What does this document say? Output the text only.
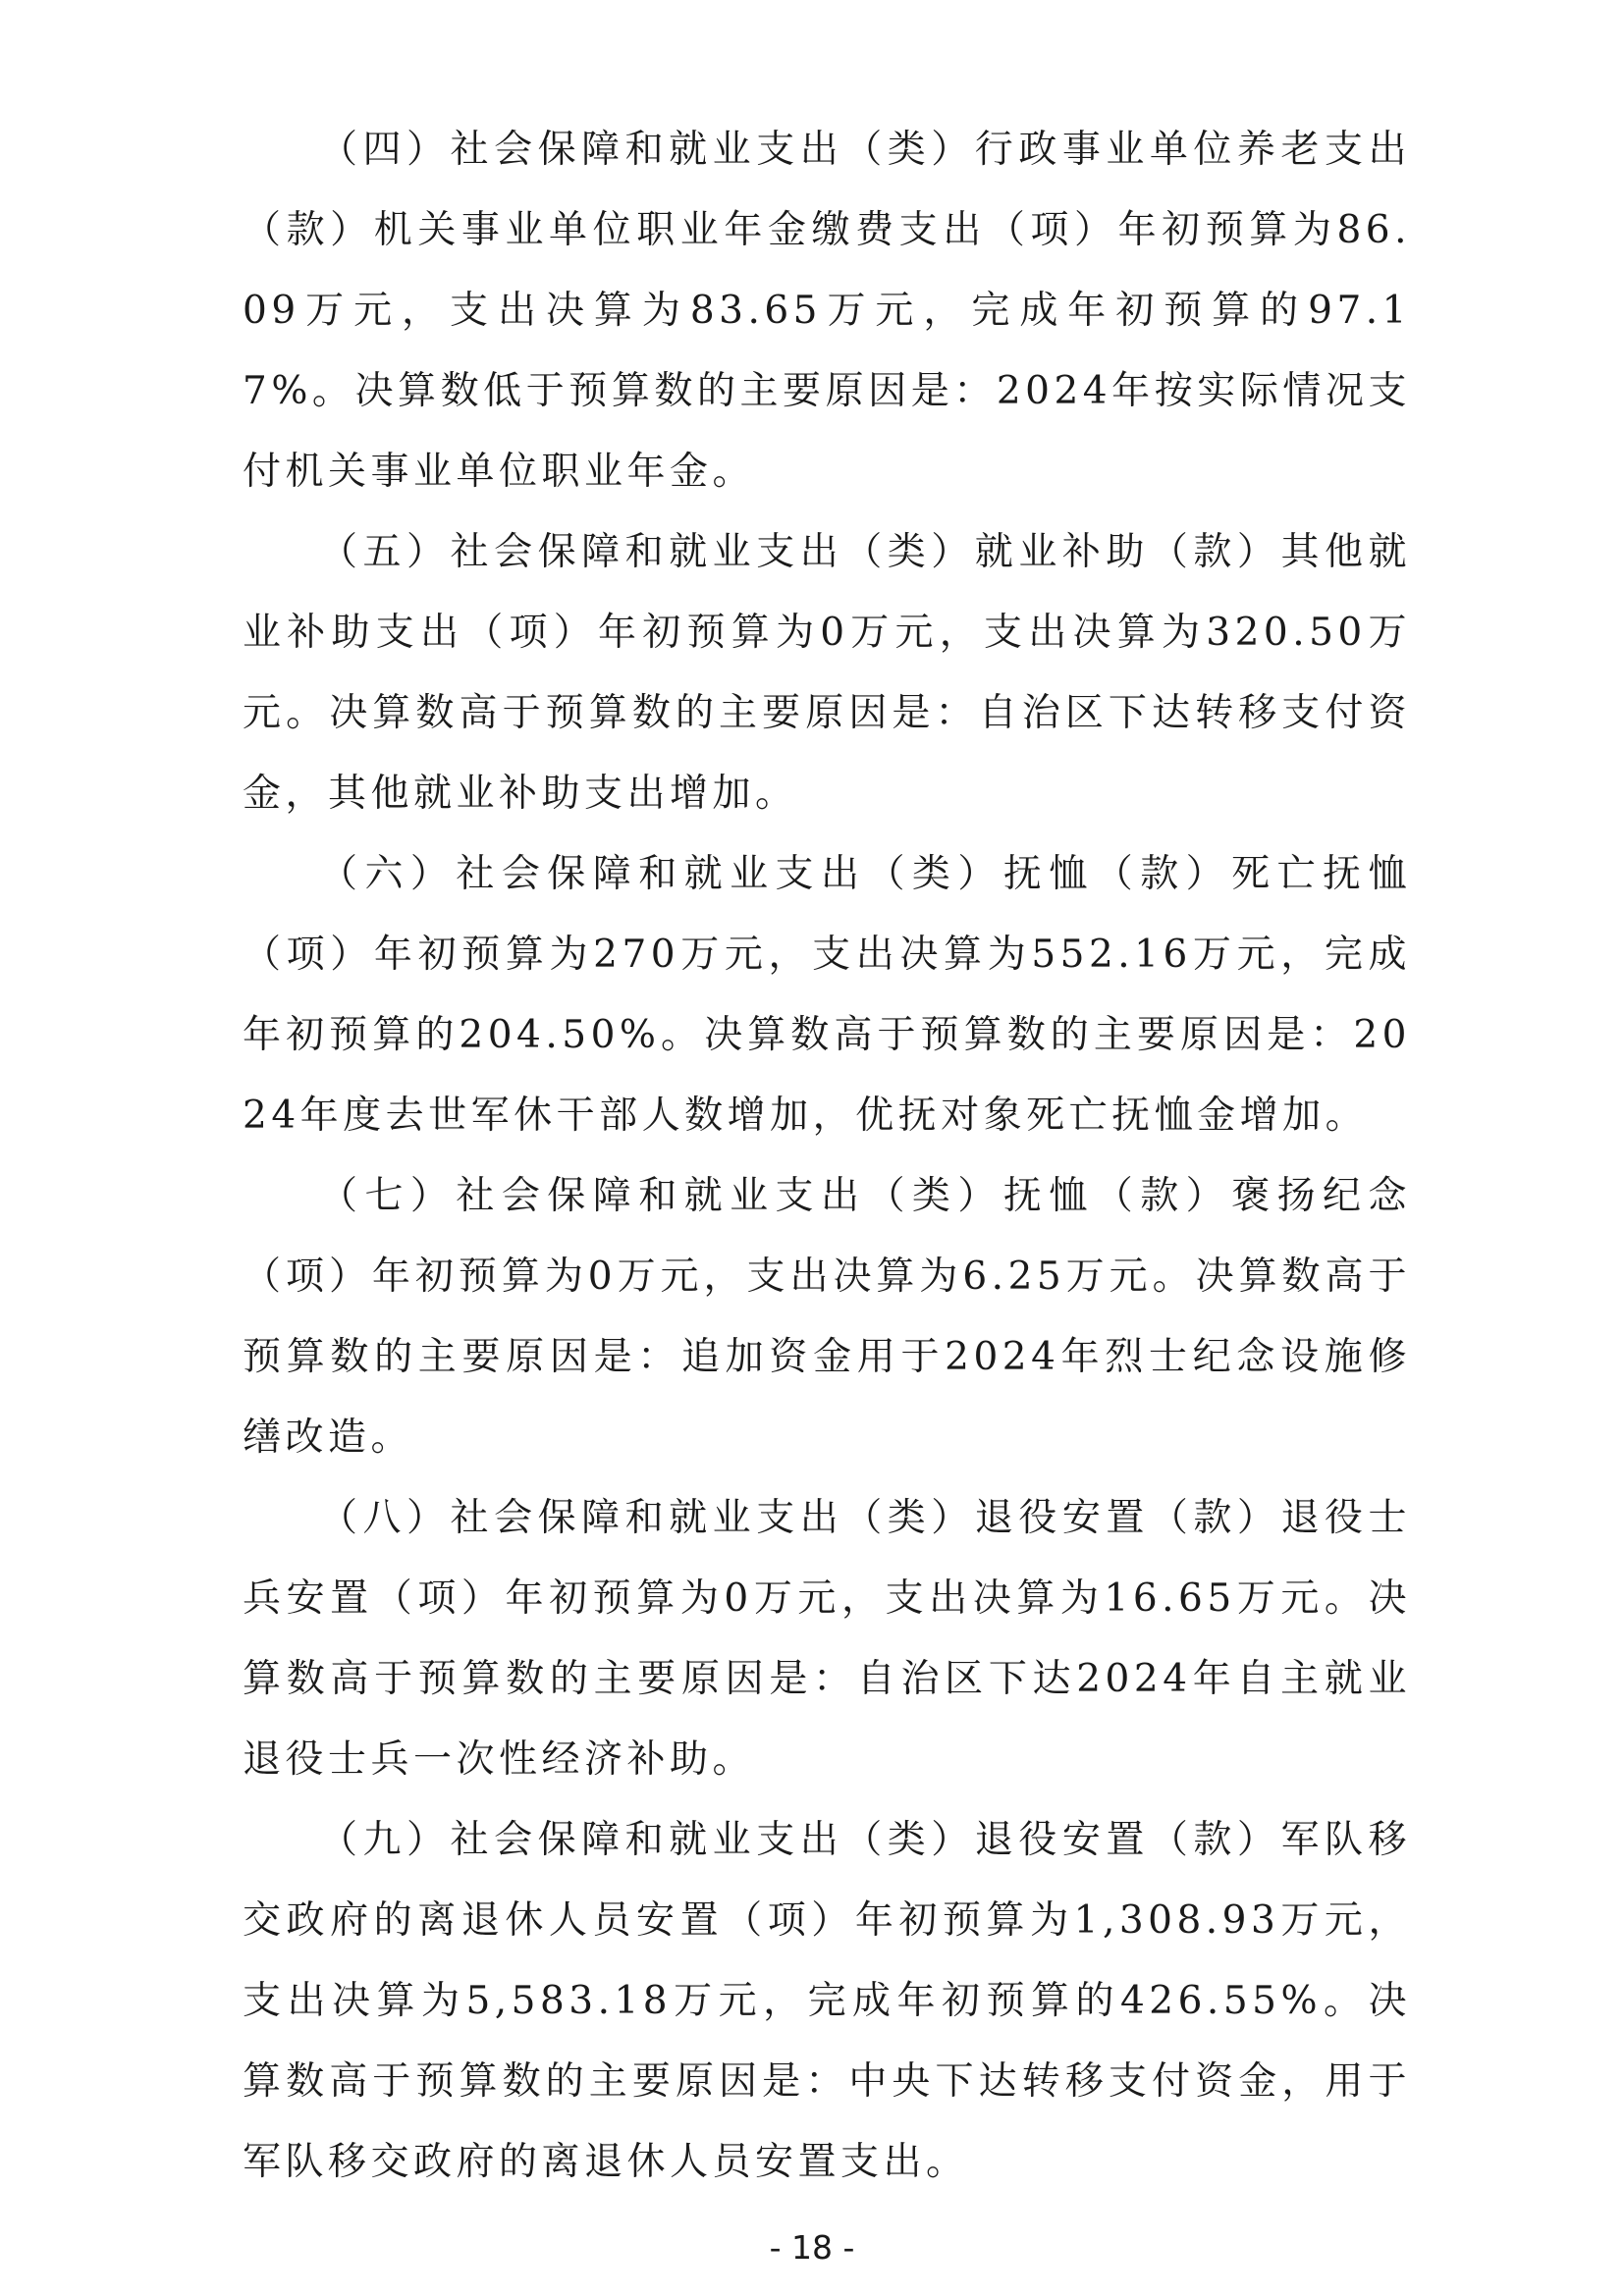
（四）社会保障和就业支出（类）行政事业单位养老支出（款）机关事业单位职业年金缴费支出（项）年初预算为86.09万元，支出决算为83.65万元，完成年初预算的97.17%。决算数低于预算数的主要原因是：2024年按实际情况支付机关事业单位职业年金。

（五）社会保障和就业支出（类）就业补助（款）其他就业补助支出（项）年初预算为0万元，支出决算为320.50万元。决算数高于预算数的主要原因是：自治区下达转移支付资金，其他就业补助支出增加。

（六）社会保障和就业支出（类）抚恤（款）死亡抚恤（项）年初预算为270万元，支出决算为552.16万元，完成年初预算的204.50%。决算数高于预算数的主要原因是：2024年度去世军休干部人数增加，优抚对象死亡抚恤金增加。

（七）社会保障和就业支出（类）抚恤（款）褒扬纪念（项）年初预算为0万元，支出决算为6.25万元。决算数高于预算数的主要原因是：追加资金用于2024年烈士纪念设施修缮改造。

（八）社会保障和就业支出（类）退役安置（款）退役士兵安置（项）年初预算为0万元，支出决算为16.65万元。决算数高于预算数的主要原因是：自治区下达2024年自主就业退役士兵一次性经济补助。

（九）社会保障和就业支出（类）退役安置（款）军队移交政府的离退休人员安置（项）年初预算为1,308.93万元，支出决算为5,583.18万元，完成年初预算的426.55%。决算数高于预算数的主要原因是：中央下达转移支付资金，用于军队移交政府的离退休人员安置支出。

- 18 -
